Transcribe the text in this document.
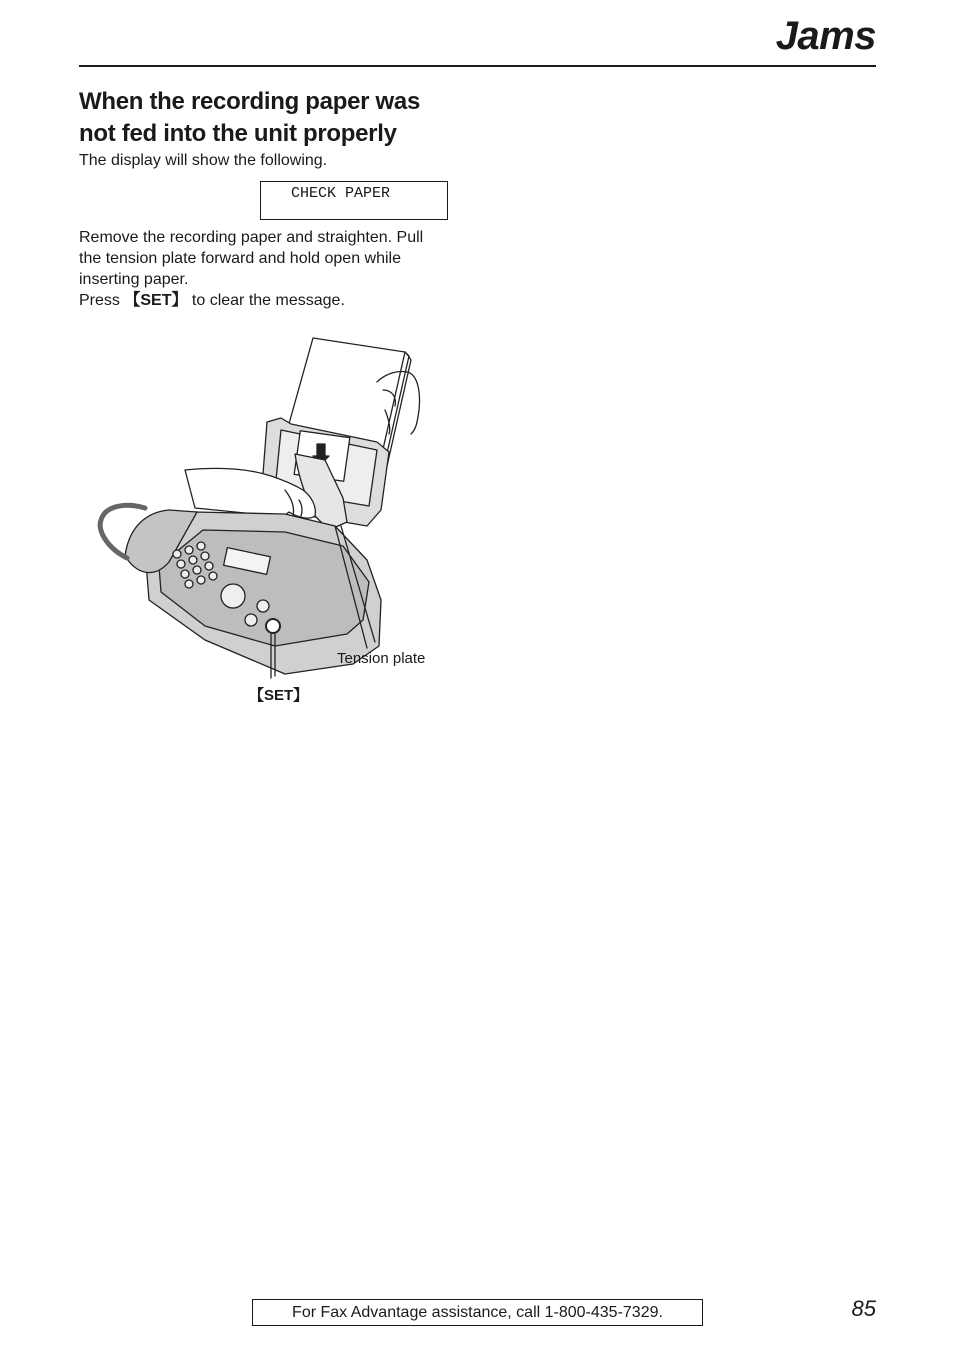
Jams
When the recording paper was
not fed into the unit properly
The display will show the following.
CHECK PAPER
Remove the recording paper and straighten. Pull
the tension plate forward and hold open while
inserting paper.
Press 【SET】 to clear the message.
Tension plate
【SET】
For Fax Advantage assistance, call 1-800-435-7329.	85
